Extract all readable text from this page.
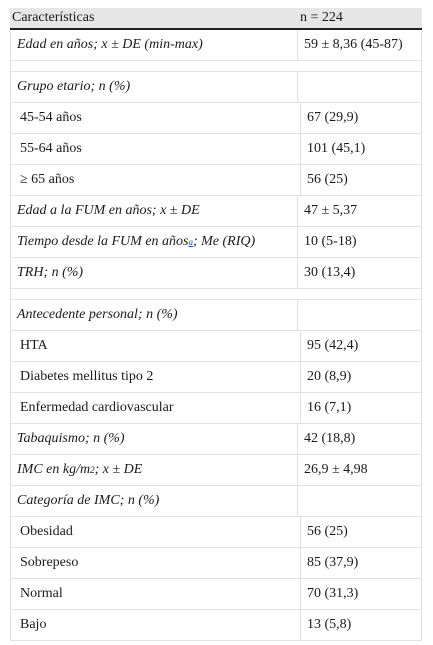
Características	n = 224
Edad en años; x ± DE (min-max)	59 ± 8,36 (45-87)
Grupo etario; n (%)
45-54 años	67 (29,9)
55-64 años	101 (45,1)
≥ 65 años	56 (25)
Edad a la FUM en años; x ± DE	47 ± 5,37
Tiempo desde la FUM en años a ; Me (RIQ)	10 (5-18)
TRH; n (%)	30 (13,4)
Antecedente personal; n (%)
HTA	95 (42,4)
Diabetes mellitus tipo 2	20 (8,9)
Enfermedad cardiovascular	16 (7,1)
Tabaquismo; n (%)	42 (18,8)
IMC en kg/m 2 ; x ± DE	26,9 ± 4,98
Categoría de IMC; n (%)
Obesidad	56 (25)
Sobrepeso	85 (37,9)
Normal	70 (31,3)
Bajo	13 (5,8)
